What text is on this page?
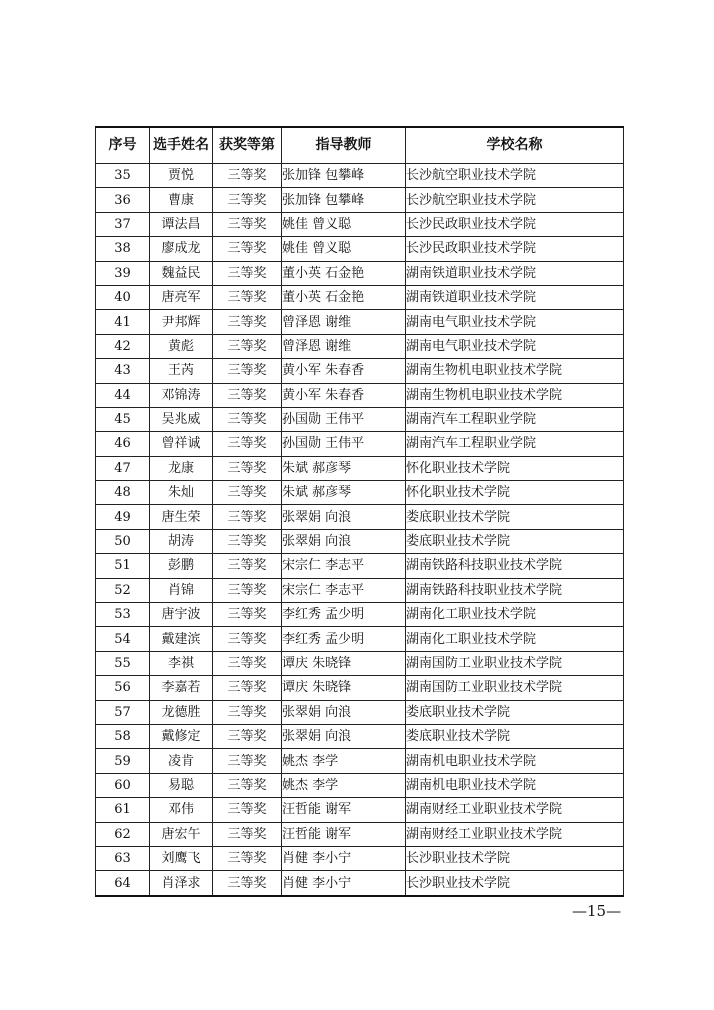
序号	选手姓名	获奖等第	指导教师	学校名称
35	贾悦	三等奖	张加锋 包攀峰	长沙航空职业技术学院
36	曹康	三等奖	张加锋 包攀峰	长沙航空职业技术学院
37	谭法昌	三等奖	姚佳 曾义聪	长沙民政职业技术学院
38	廖成龙	三等奖	姚佳 曾义聪	长沙民政职业技术学院
39	魏益民	三等奖	董小英 石金艳	湖南铁道职业技术学院
40	唐亮军	三等奖	董小英 石金艳	湖南铁道职业技术学院
41	尹邦辉	三等奖	曾泽恩 谢维	湖南电气职业技术学院
42	黄彪	三等奖	曾泽恩 谢维	湖南电气职业技术学院
43	王芮	三等奖	黄小军 朱春香	湖南生物机电职业技术学院
44	邓锦涛	三等奖	黄小军 朱春香	湖南生物机电职业技术学院
45	吴兆威	三等奖	孙国勋 王伟平	湖南汽车工程职业学院
46	曾祥诚	三等奖	孙国勋 王伟平	湖南汽车工程职业学院
47	龙康	三等奖	朱斌 郝彦琴	怀化职业技术学院
48	朱灿	三等奖	朱斌 郝彦琴	怀化职业技术学院
49	唐生荣	三等奖	张翠娟 向浪	娄底职业技术学院
50	胡涛	三等奖	张翠娟 向浪	娄底职业技术学院
51	彭鹏	三等奖	宋宗仁 李志平	湖南铁路科技职业技术学院
52	肖锦	三等奖	宋宗仁 李志平	湖南铁路科技职业技术学院
53	唐宇波	三等奖	李红秀 孟少明	湖南化工职业技术学院
54	戴建滨	三等奖	李红秀 孟少明	湖南化工职业技术学院
55	李祺	三等奖	谭庆 朱晓锋	湖南国防工业职业技术学院
56	李嘉若	三等奖	谭庆 朱晓锋	湖南国防工业职业技术学院
57	龙德胜	三等奖	张翠娟 向浪	娄底职业技术学院
58	戴修定	三等奖	张翠娟 向浪	娄底职业技术学院
59	凌肯	三等奖	姚杰 李学	湖南机电职业技术学院
60	易聪	三等奖	姚杰 李学	湖南机电职业技术学院
61	邓伟	三等奖	汪哲能 谢军	湖南财经工业职业技术学院
62	唐宏午	三等奖	汪哲能 谢军	湖南财经工业职业技术学院
63	刘鹰飞	三等奖	肖健 李小宁	长沙职业技术学院
64	肖泽求	三等奖	肖健 李小宁	长沙职业技术学院
—15—
